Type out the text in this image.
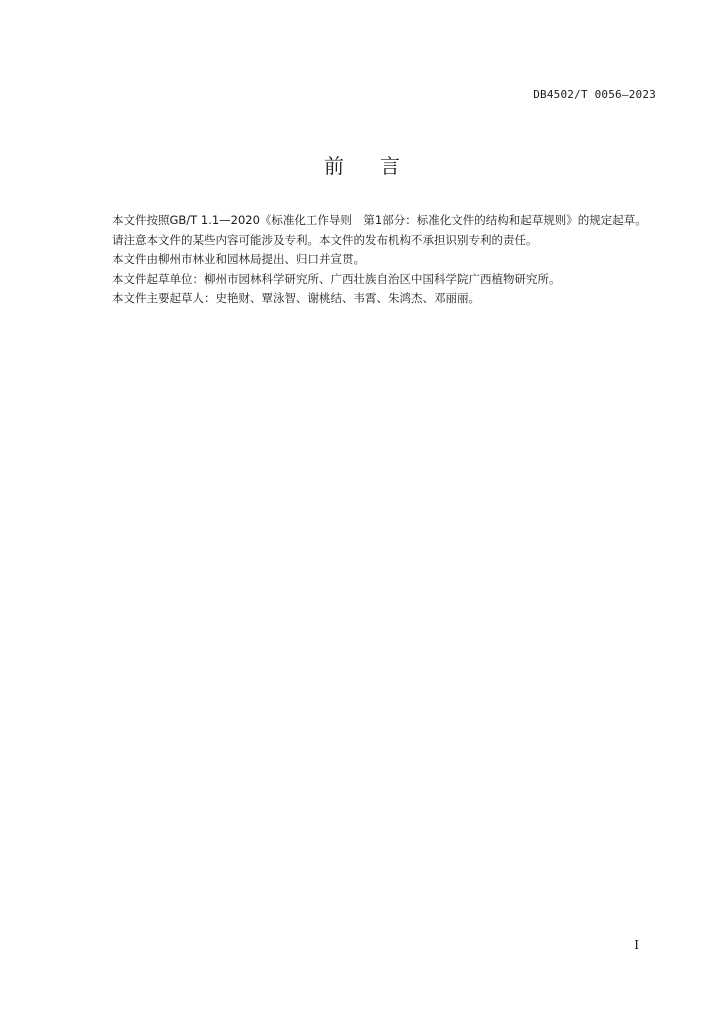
DB4502/T 0056—2023
前言

本文件按照GB/T 1.1—2020《标准化工作导则　第1部分：标准化文件的结构和起草规则》的规定起草。

请注意本文件的某些内容可能涉及专利。本文件的发布机构不承担识别专利的责任。

本文件由柳州市林业和园林局提出、归口并宣贯。

本文件起草单位：柳州市园林科学研究所、广西壮族自治区中国科学院广西植物研究所。

本文件主要起草人：史艳财、覃泳智、谢桃结、韦霄、朱鸿杰、邓丽丽。

I
